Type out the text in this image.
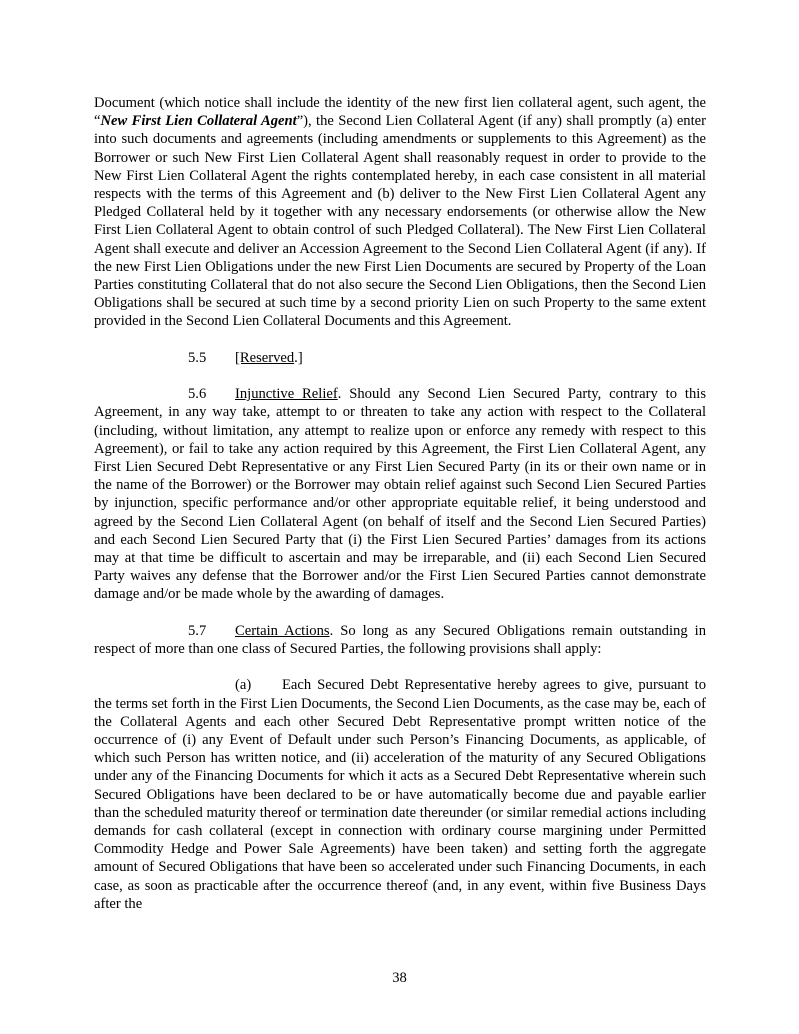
Document (which notice shall include the identity of the new first lien collateral agent, such agent, the “New First Lien Collateral Agent”), the Second Lien Collateral Agent (if any) shall promptly (a) enter into such documents and agreements (including amendments or supplements to this Agreement) as the Borrower or such New First Lien Collateral Agent shall reasonably request in order to provide to the New First Lien Collateral Agent the rights contemplated hereby, in each case consistent in all material respects with the terms of this Agreement and (b) deliver to the New First Lien Collateral Agent any Pledged Collateral held by it together with any necessary endorsements (or otherwise allow the New First Lien Collateral Agent to obtain control of such Pledged Collateral). The New First Lien Collateral Agent shall execute and deliver an Accession Agreement to the Second Lien Collateral Agent (if any). If the new First Lien Obligations under the new First Lien Documents are secured by Property of the Loan Parties constituting Collateral that do not also secure the Second Lien Obligations, then the Second Lien Obligations shall be secured at such time by a second priority Lien on such Property to the same extent provided in the Second Lien Collateral Documents and this Agreement.

5.5 [Reserved.]

5.6 Injunctive Relief. Should any Second Lien Secured Party, contrary to this Agreement, in any way take, attempt to or threaten to take any action with respect to the Collateral (including, without limitation, any attempt to realize upon or enforce any remedy with respect to this Agreement), or fail to take any action required by this Agreement, the First Lien Collateral Agent, any First Lien Secured Debt Representative or any First Lien Secured Party (in its or their own name or in the name of the Borrower) or the Borrower may obtain relief against such Second Lien Secured Parties by injunction, specific performance and/or other appropriate equitable relief, it being understood and agreed by the Second Lien Collateral Agent (on behalf of itself and the Second Lien Secured Parties) and each Second Lien Secured Party that (i) the First Lien Secured Parties’ damages from its actions may at that time be difficult to ascertain and may be irreparable, and (ii) each Second Lien Secured Party waives any defense that the Borrower and/or the First Lien Secured Parties cannot demonstrate damage and/or be made whole by the awarding of damages.

5.7 Certain Actions. So long as any Secured Obligations remain outstanding in respect of more than one class of Secured Parties, the following provisions shall apply:

(a) Each Secured Debt Representative hereby agrees to give, pursuant to the terms set forth in the First Lien Documents, the Second Lien Documents, as the case may be, each of the Collateral Agents and each other Secured Debt Representative prompt written notice of the occurrence of (i) any Event of Default under such Person’s Financing Documents, as applicable, of which such Person has written notice, and (ii) acceleration of the maturity of any Secured Obligations under any of the Financing Documents for which it acts as a Secured Debt Representative wherein such Secured Obligations have been declared to be or have automatically become due and payable earlier than the scheduled maturity thereof or termination date thereunder (or similar remedial actions including demands for cash collateral (except in connection with ordinary course margining under Permitted Commodity Hedge and Power Sale Agreements) have been taken) and setting forth the aggregate amount of Secured Obligations that have been so accelerated under such Financing Documents, in each case, as soon as practicable after the occurrence thereof (and, in any event, within five Business Days after the

38
